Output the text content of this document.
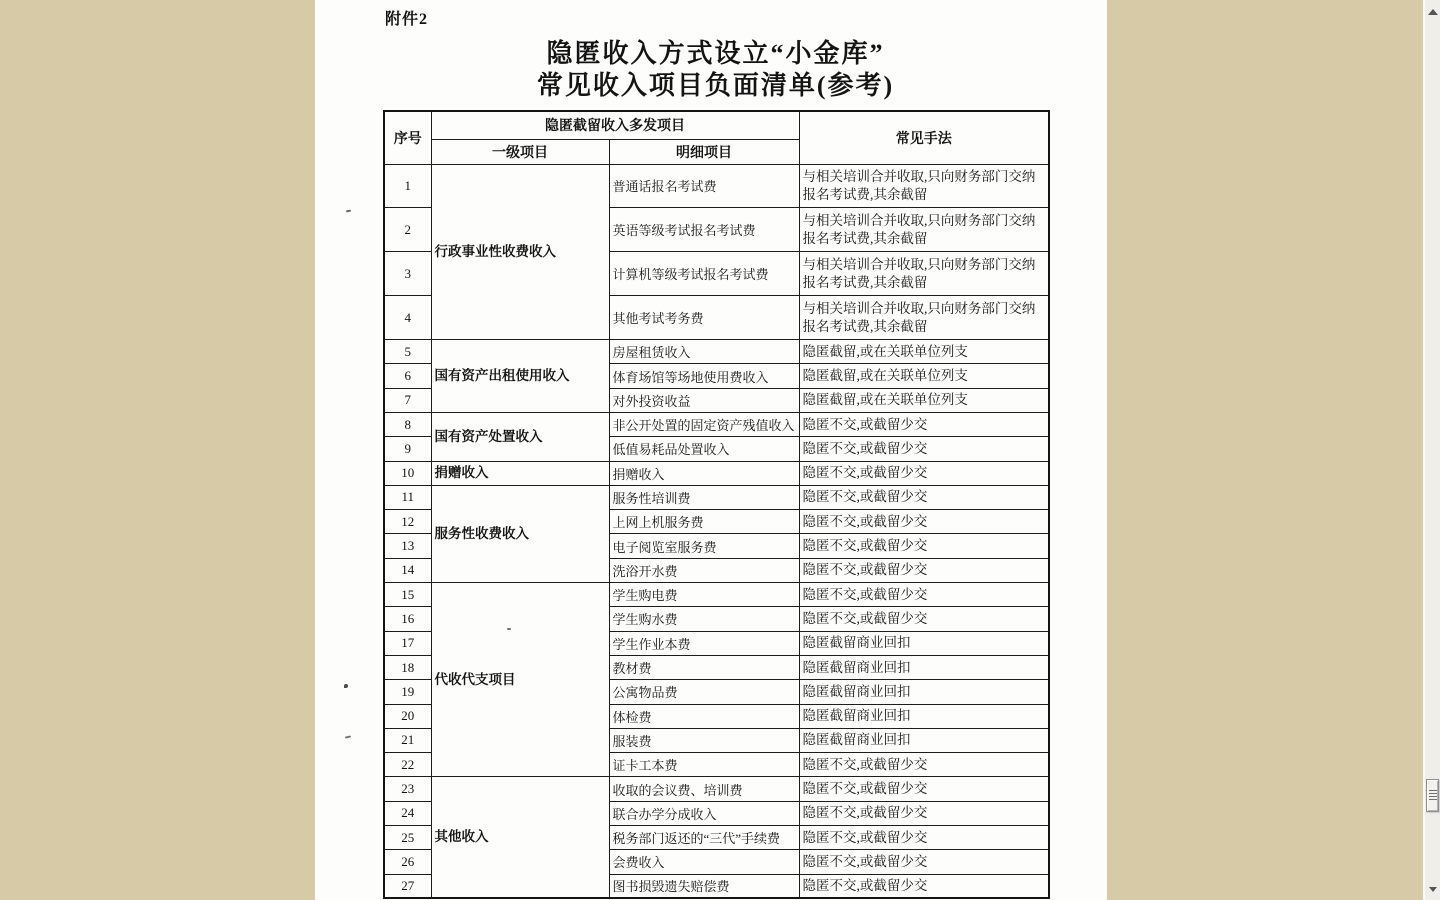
附件2
隐匿收入方式设立“小金库”
常见收入项目负面清单(参考)
序号	隐匿截留收入多发项目		常见手法
	一级项目	明细项目	
1	行政事业性收费收入	普通话报名考试费	与相关培训合并收取,只向财务部门交纳报名考试费,其余截留
2		英语等级考试报名考试费	与相关培训合并收取,只向财务部门交纳报名考试费,其余截留
3		计算机等级考试报名考试费	与相关培训合并收取,只向财务部门交纳报名考试费,其余截留
4		其他考试考务费	与相关培训合并收取,只向财务部门交纳报名考试费,其余截留
5	国有资产出租使用收入	房屋租赁收入	隐匿截留,或在关联单位列支
6		体育场馆等场地使用费收入	隐匿截留,或在关联单位列支
7		对外投资收益	隐匿截留,或在关联单位列支
8	国有资产处置收入	非公开处置的固定资产残值收入	隐匿不交,或截留少交
9		低值易耗品处置收入	隐匿不交,或截留少交
10	捐赠收入	捐赠收入	隐匿不交,或截留少交
11	服务性收费收入	服务性培训费	隐匿不交,或截留少交
12		上网上机服务费	隐匿不交,或截留少交
13		电子阅览室服务费	隐匿不交,或截留少交
14		洗浴开水费	隐匿不交,或截留少交
15	代收代支项目	学生购电费	隐匿不交,或截留少交
16		学生购水费	隐匿不交,或截留少交
17		学生作业本费	隐匿截留商业回扣
18		教材费	隐匿截留商业回扣
19		公寓物品费	隐匿截留商业回扣
20		体检费	隐匿截留商业回扣
21		服装费	隐匿截留商业回扣
22		证卡工本费	隐匿不交,或截留少交
23	其他收入	收取的会议费、培训费	隐匿不交,或截留少交
24		联合办学分成收入	隐匿不交,或截留少交
25		税务部门返还的“三代”手续费	隐匿不交,或截留少交
26		会费收入	隐匿不交,或截留少交
27		图书损毁遗失赔偿费	隐匿不交,或截留少交
